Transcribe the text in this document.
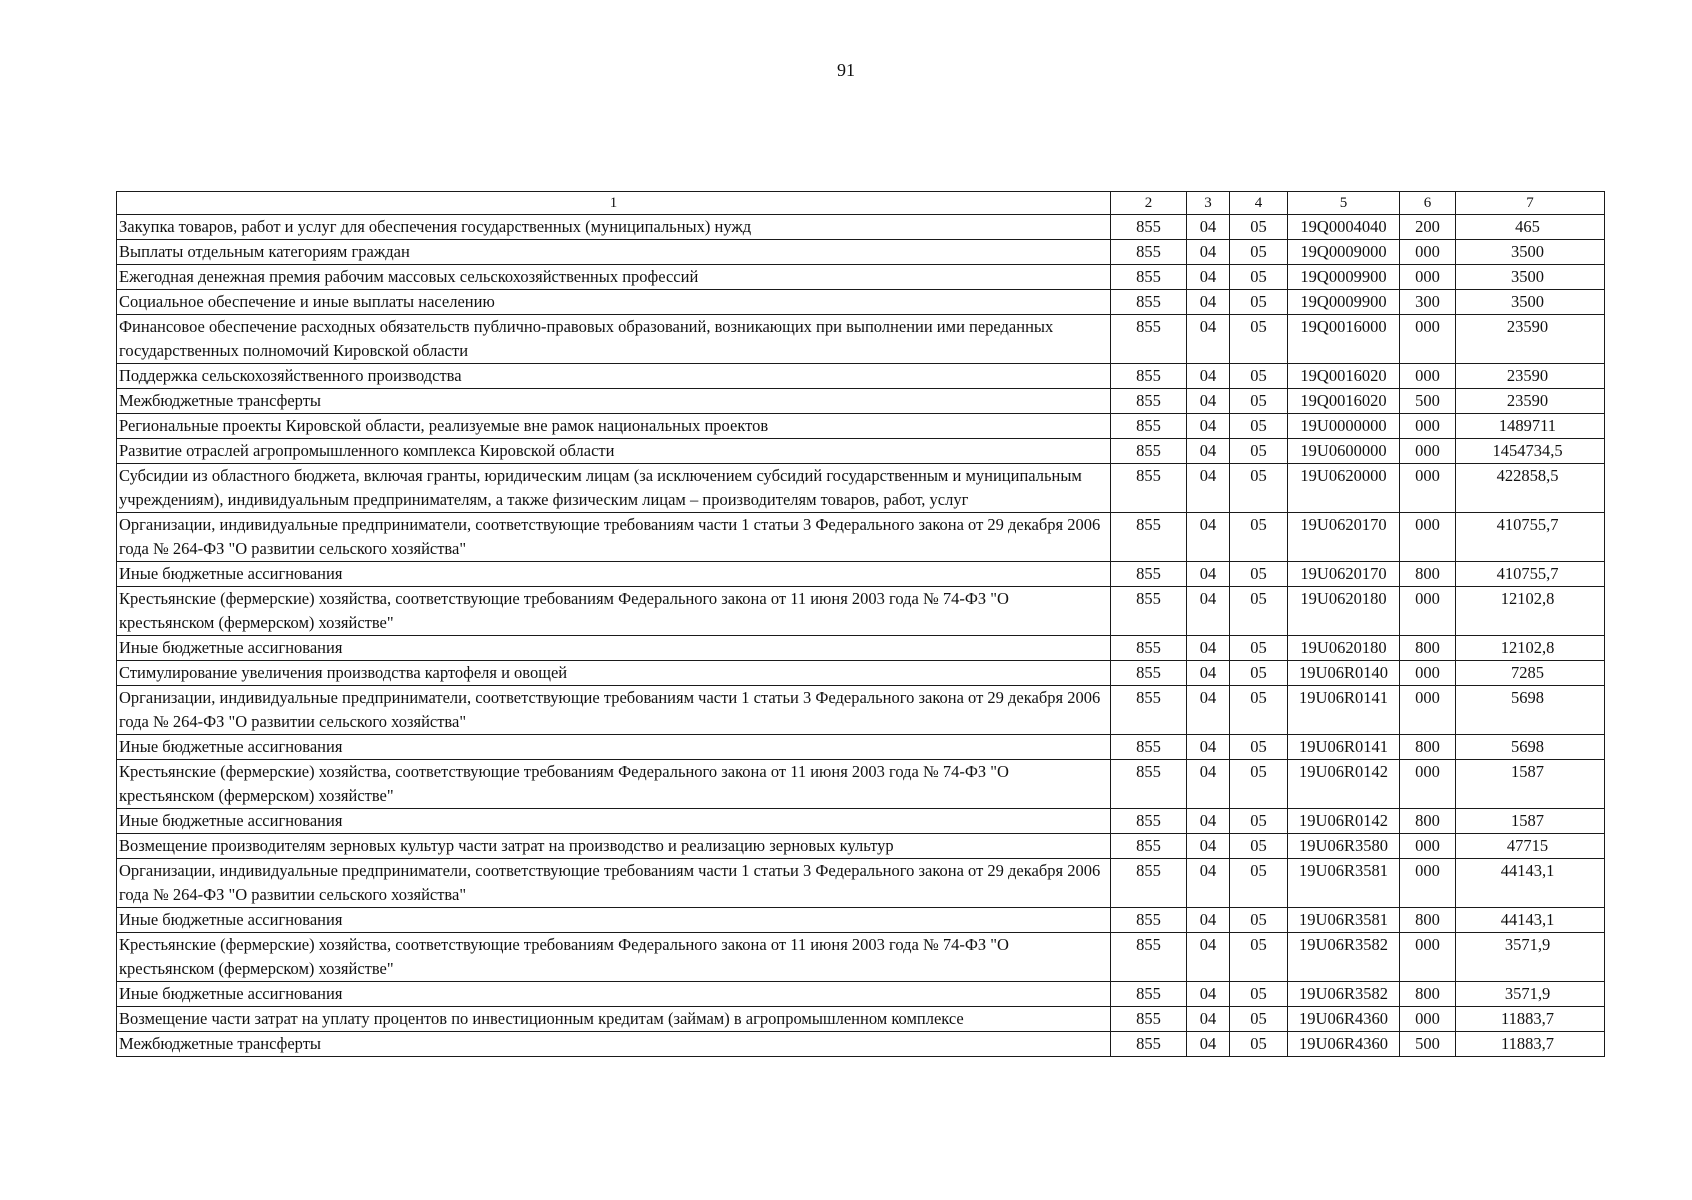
91
1	2	3	4	5	6	7
Закупка товаров, работ и услуг для обеспечения государственных (муниципальных) нужд	855	04	05	19Q0004040	200	465
Выплаты отдельным категориям граждан	855	04	05	19Q0009000	000	3500
Ежегодная денежная премия рабочим массовых сельскохозяйственных профессий	855	04	05	19Q0009900	000	3500
Социальное обеспечение и иные выплаты населению	855	04	05	19Q0009900	300	3500
Финансовое обеспечение расходных обязательств публично-правовых образований, возникающих при выполнении ими переданных государственных полномочий Кировской области	855	04	05	19Q0016000	000	23590
Поддержка сельскохозяйственного производства	855	04	05	19Q0016020	000	23590
Межбюджетные трансферты	855	04	05	19Q0016020	500	23590
Региональные проекты Кировской области, реализуемые вне рамок национальных проектов	855	04	05	19U0000000	000	1489711
Развитие отраслей агропромышленного комплекса Кировской области	855	04	05	19U0600000	000	1454734,5
Субсидии из областного бюджета, включая гранты, юридическим лицам (за исключением субсидий государственным и муниципальным учреждениям), индивидуальным предпринимателям, а также физическим лицам – производителям товаров, работ, услуг	855	04	05	19U0620000	000	422858,5
Организации, индивидуальные предприниматели, соответствующие требованиям части 1 статьи 3 Федерального закона от 29 декабря 2006 года № 264-ФЗ "О развитии сельского хозяйства"	855	04	05	19U0620170	000	410755,7
Иные бюджетные ассигнования	855	04	05	19U0620170	800	410755,7
Крестьянские (фермерские) хозяйства, соответствующие требованиям Федерального закона от 11 июня 2003 года № 74-ФЗ "О крестьянском (фермерском) хозяйстве"	855	04	05	19U0620180	000	12102,8
Иные бюджетные ассигнования	855	04	05	19U0620180	800	12102,8
Стимулирование увеличения производства картофеля и овощей	855	04	05	19U06R0140	000	7285
Организации, индивидуальные предприниматели, соответствующие требованиям части 1 статьи 3 Федерального закона от 29 декабря 2006 года № 264-ФЗ "О развитии сельского хозяйства"	855	04	05	19U06R0141	000	5698
Иные бюджетные ассигнования	855	04	05	19U06R0141	800	5698
Крестьянские (фермерские) хозяйства, соответствующие требованиям Федерального закона от 11 июня 2003 года № 74-ФЗ "О крестьянском (фермерском) хозяйстве"	855	04	05	19U06R0142	000	1587
Иные бюджетные ассигнования	855	04	05	19U06R0142	800	1587
Возмещение производителям зерновых культур части затрат на производство и реализацию зерновых культур	855	04	05	19U06R3580	000	47715
Организации, индивидуальные предприниматели, соответствующие требованиям части 1 статьи 3 Федерального закона от 29 декабря 2006 года № 264-ФЗ "О развитии сельского хозяйства"	855	04	05	19U06R3581	000	44143,1
Иные бюджетные ассигнования	855	04	05	19U06R3581	800	44143,1
Крестьянские (фермерские) хозяйства, соответствующие требованиям Федерального закона от 11 июня 2003 года № 74-ФЗ "О крестьянском (фермерском) хозяйстве"	855	04	05	19U06R3582	000	3571,9
Иные бюджетные ассигнования	855	04	05	19U06R3582	800	3571,9
Возмещение части затрат на уплату процентов по инвестиционным кредитам (займам) в агропромышленном комплексе	855	04	05	19U06R4360	000	11883,7
Межбюджетные трансферты	855	04	05	19U06R4360	500	11883,7
